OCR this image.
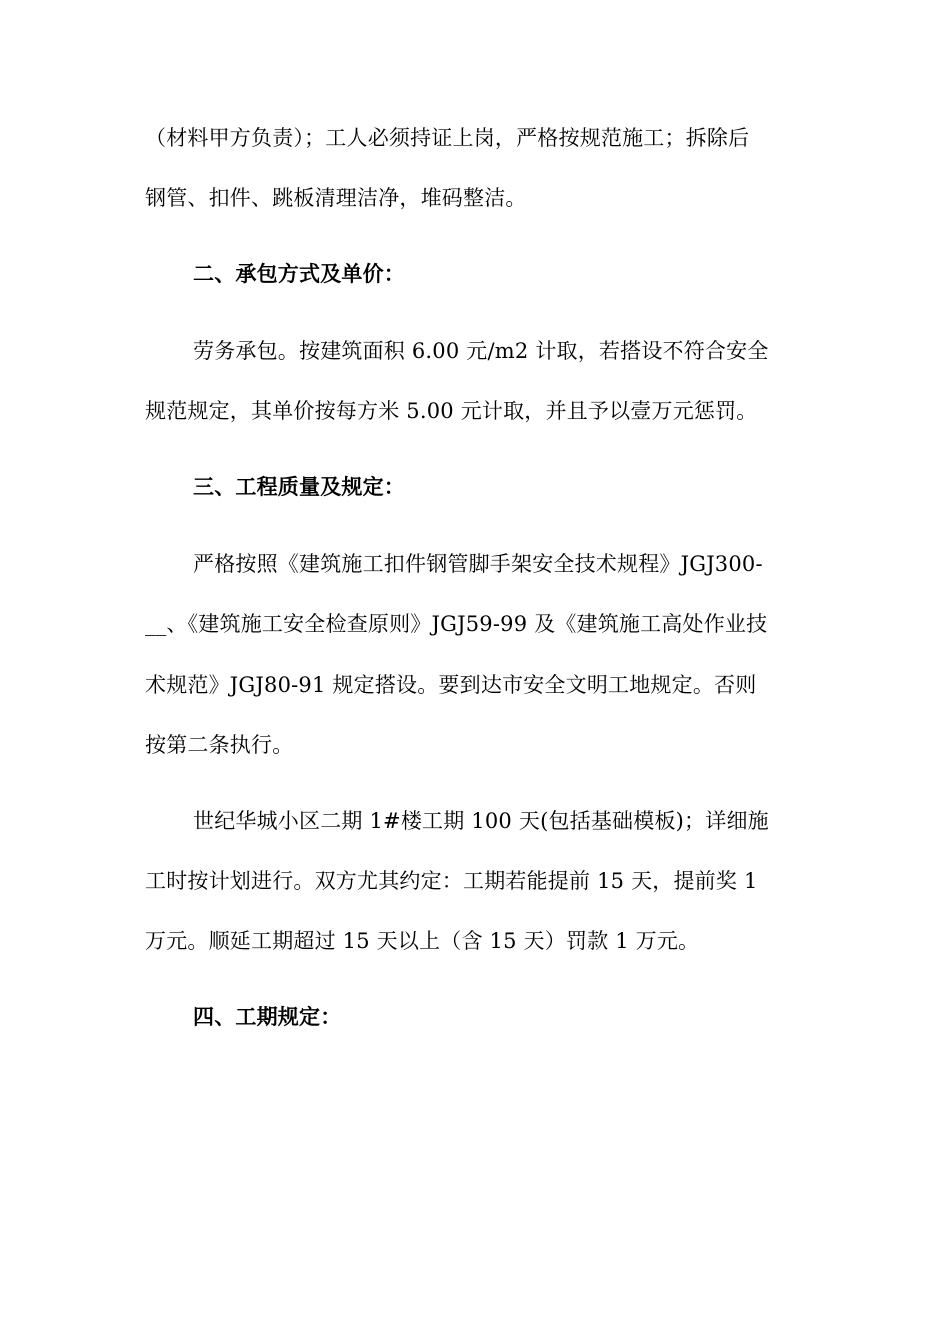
（材料甲方负责）；工人必须持证上岗，严格按规范施工；拆除后
钢管、扣件、跳板清理洁净，堆码整洁。
二、承包方式及单价：
劳务承包。按建筑面积 6.00 元/m2 计取，若搭设不符合安全
规范规定，其单价按每方米 5.00 元计取，并且予以壹万元惩罚。
三、工程质量及规定：
严格按照《建筑施工扣件钢管脚手架安全技术规程》JGJ300-
__、《建筑施工安全检查原则》JGJ59-99 及《建筑施工高处作业技
术规范》JGJ80-91 规定搭设。要到达市安全文明工地规定。否则
按第二条执行。
世纪华城小区二期 1#楼工期 100 天(包括基础模板)；详细施
工时按计划进行。双方尤其约定：工期若能提前 15 天，提前奖 1
万元。顺延工期超过 15 天以上（含 15 天）罚款 1 万元。
四、工期规定：
